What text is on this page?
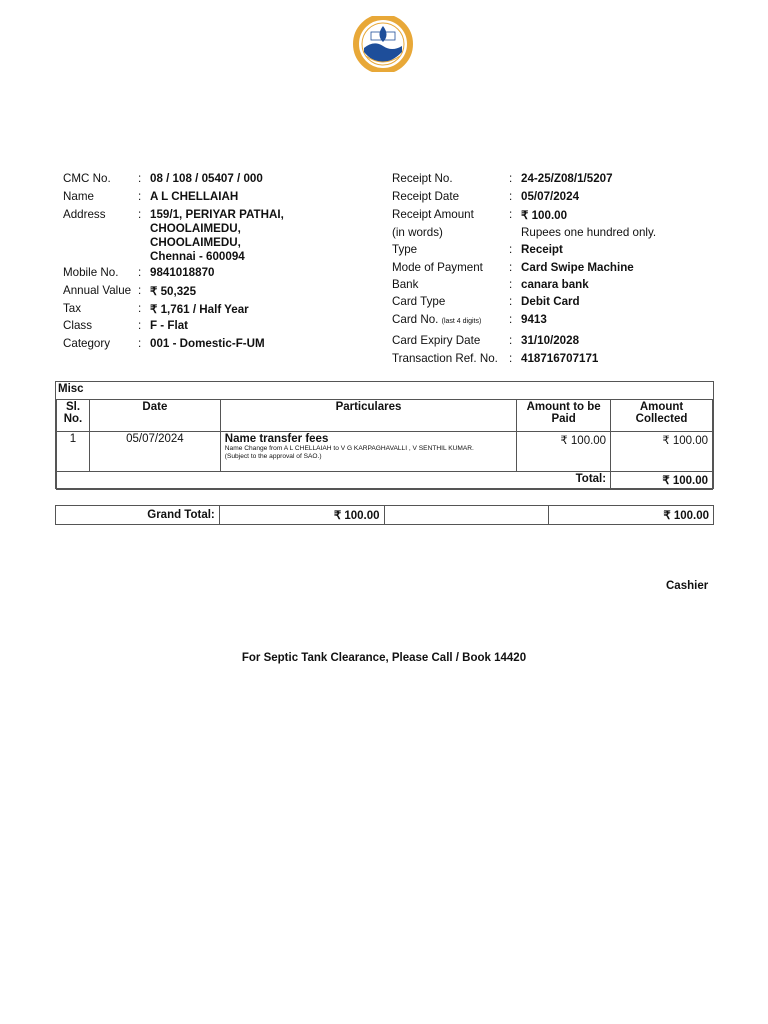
CMC No. : 08 / 108 / 05407 / 000
Name	: A L CHELLAIAH
Address	: 159/1, PERIYAR PATHAI,
CHOOLAIMEDU,
CHOOLAIMEDU,
Chennai - 600094
Mobile No. : 9841018870
Annual Value : ₹ 50,325
Tax	: ₹ 1,761 / Half Year
Class	: F - Flat
Category : 001 - Domestic-F-UM
Receipt No.	: 24-25/Z08/1/5207
Receipt Date	: 05/07/2024
Receipt Amount	: ₹ 100.00
(in words)	Rupees one hundred only.
Type	: Receipt
Mode of Payment : Card Swipe Machine
Bank	: canara bank
Card Type	: Debit Card
Card No. (last 4 digits) : 9413
Card Expiry Date : 31/10/2028
Transaction Ref. No. : 418716707171
Misc
Sl. No.	Date	Particulares	Amount to be Paid	Amount Collected
1	05/07/2024	Name transfer fees
Name Change from A L CHELLAIAH to V G KARPAGHAVALLI , V SENTHIL KUMAR.
(Subject to the approval of SAO.)	₹ 100.00	₹ 100.00
Total:				₹ 100.00
Grand Total:	₹ 100.00		₹ 100.00
Cashier
For Septic Tank Clearance, Please Call / Book 14420
